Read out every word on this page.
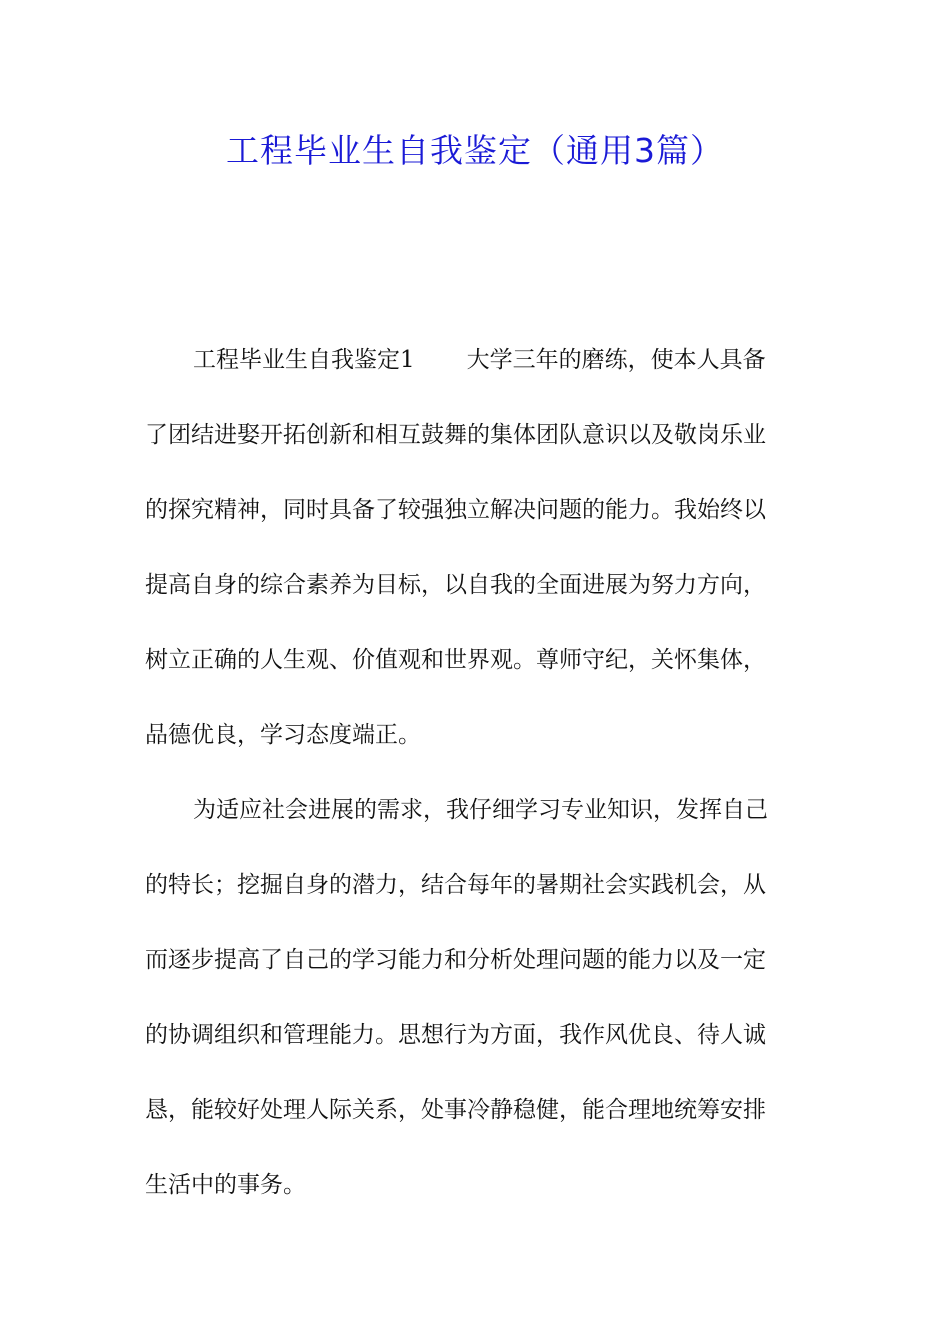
工程毕业生自我鉴定（通用3篇）
工程毕业生自我鉴定1 大学三年的磨练，使本人具备
了团结进娶开拓创新和相互鼓舞的集体团队意识以及敬岗乐业
的探究精神，同时具备了较强独立解决问题的能力。我始终以
提高自身的综合素养为目标，以自我的全面进展为努力方向，
树立正确的人生观、价值观和世界观。尊师守纪，关怀集体，
品德优良，学习态度端正。
为适应社会进展的需求，我仔细学习专业知识，发挥自己
的特长；挖掘自身的潜力，结合每年的暑期社会实践机会，从
而逐步提高了自己的学习能力和分析处理问题的能力以及一定
的协调组织和管理能力。思想行为方面，我作风优良、待人诚
恳，能较好处理人际关系，处事冷静稳健，能合理地统筹安排
生活中的事务。
